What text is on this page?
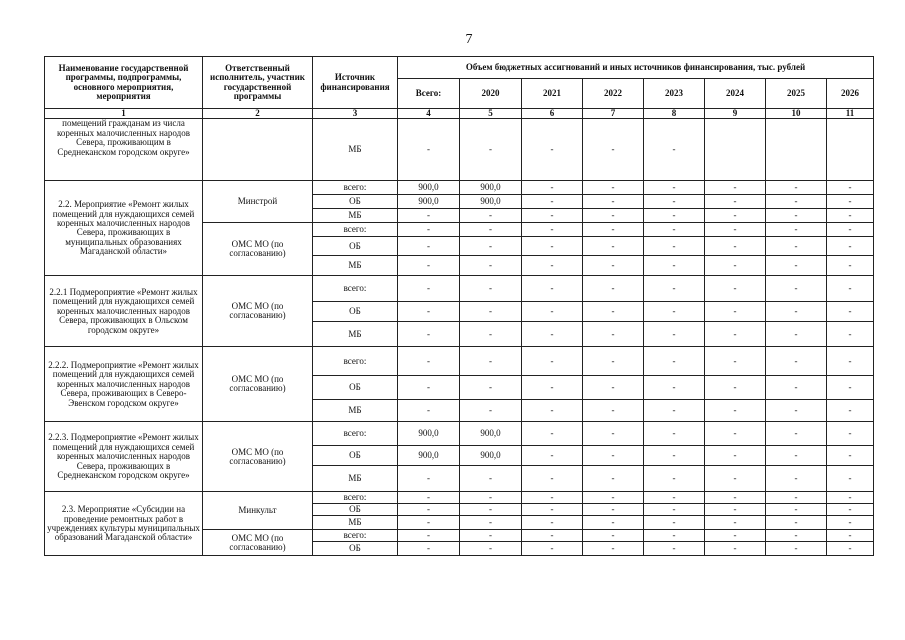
7
Наименование государственной программы, подпрограммы, основного мероприятия, мероприятия	Ответственный исполнитель, участник государственной программы	Источник финансирования	Объем бюджетных ассигнований и иных источников финансирования, тыс. рублей							
			Всего:	2020	2021	2022	2023	2024	2025	2026
1	2	3	4	5	6	7	8	9	10	11
помещений гражданам из числа коренных малочисленных народов Севера, проживающим в Среднеканском городском округе»		МБ	-	-	-	-	-			
2.2. Мероприятие «Ремонт жилых помещений для нуждающихся семей коренных малочисленных народов Севера, проживающих в муниципальных образованиях Магаданской области»	Минстрой	всего:	900,0	900,0	-	-	-	-	-	-
		ОБ	900,0	900,0	-	-	-	-	-	-
		МБ	-	-	-	-	-	-	-	-
	ОМС МО (по согласованию)	всего:	-	-	-	-	-	-	-	-
		ОБ	-	-	-	-	-	-	-	-
		МБ	-	-	-	-	-	-	-	-
2.2.1 Подмероприятие «Ремонт жилых помещений для нуждающихся семей коренных малочисленных народов Севера, проживающих в Ольском городском округе»	ОМС МО (по согласованию)	всего:	-	-	-	-	-	-	-	-
		ОБ	-	-	-	-	-	-	-	-
		МБ	-	-	-	-	-	-	-	-
2.2.2. Подмероприятие «Ремонт жилых помещений для нуждающихся семей коренных малочисленных народов Севера, проживающих в Северо-Эвенском городском округе»	ОМС МО (по согласованию)	всего:	-	-	-	-	-	-	-	-
		ОБ	-	-	-	-	-	-	-	-
		МБ	-	-	-	-	-	-	-	-
2.2.3. Подмероприятие «Ремонт жилых помещений для нуждающихся семей коренных малочисленных народов Севера, проживающих в Среднеканском городском округе»	ОМС МО (по согласованию)	всего:	900,0	900,0	-	-	-	-	-	-
		ОБ	900,0	900,0	-	-	-	-	-	-
		МБ	-	-	-	-	-	-	-	-
2.3. Мероприятие «Субсидии на проведение ремонтных работ в учреждениях культуры муниципальных образований Магаданской области»	Минкульт	всего:	-	-	-	-	-	-	-	-
		ОБ	-	-	-	-	-	-	-	-
		МБ	-	-	-	-	-	-	-	-
	ОМС МО (по согласованию)	всего:	-	-	-	-	-	-	-	-
		ОБ	-	-	-	-	-	-	-	-
